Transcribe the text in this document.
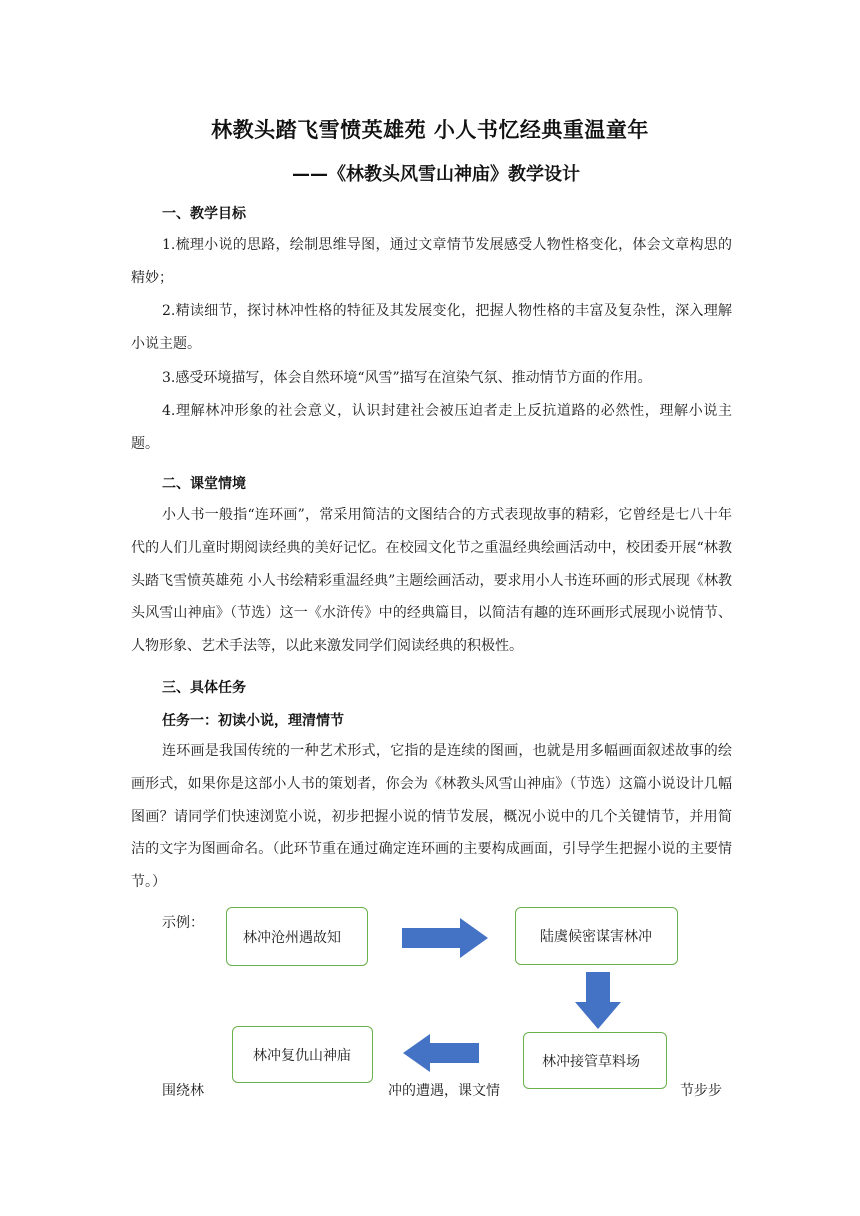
林教头踏飞雪愤英雄苑 小人书忆经典重温童年
——《林教头风雪山神庙》教学设计
一、教学目标

1.梳理小说的思路，绘制思维导图，通过文章情节发展感受人物性格变化，体会文章构思的精妙；

2.精读细节，探讨林冲性格的特征及其发展变化，把握人物性格的丰富及复杂性，深入理解小说主题。

3.感受环境描写，体会自然环境“风雪”描写在渲染气氛、推动情节方面的作用。

4.理解林冲形象的社会意义，认识封建社会被压迫者走上反抗道路的必然性，理解小说主题。

二、课堂情境

小人书一般指“连环画”，常采用简洁的文图结合的方式表现故事的精彩，它曾经是七八十年代的人们儿童时期阅读经典的美好记忆。在校园文化节之重温经典绘画活动中，校团委开展“林教头踏飞雪愤英雄苑 小人书绘精彩重温经典”主题绘画活动，要求用小人书连环画的形式展现《林教头风雪山神庙》（节选）这一《水浒传》中的经典篇目，以简洁有趣的连环画形式展现小说情节、人物形象、艺术手法等，以此来激发同学们阅读经典的积极性。

三、具体任务
任务一：初读小说，理清情节

连环画是我国传统的一种艺术形式，它指的是连续的图画，也就是用多幅画面叙述故事的绘画形式，如果你是这部小人书的策划者，你会为《林教头风雪山神庙》（节选）这篇小说设计几幅图画？请同学们快速浏览小说，初步把握小说的情节发展，概况小说中的几个关键情节，并用简洁的文字为图画命名。（此环节重在通过确定连环画的主要构成画面，引导学生把握小说的主要情节。）

示例：
林冲沧州遇故知	陆虞候密谋害林冲
林冲接管草料场
林冲复仇山神庙
围绕林	冲的遭遇，课文情	节步步
